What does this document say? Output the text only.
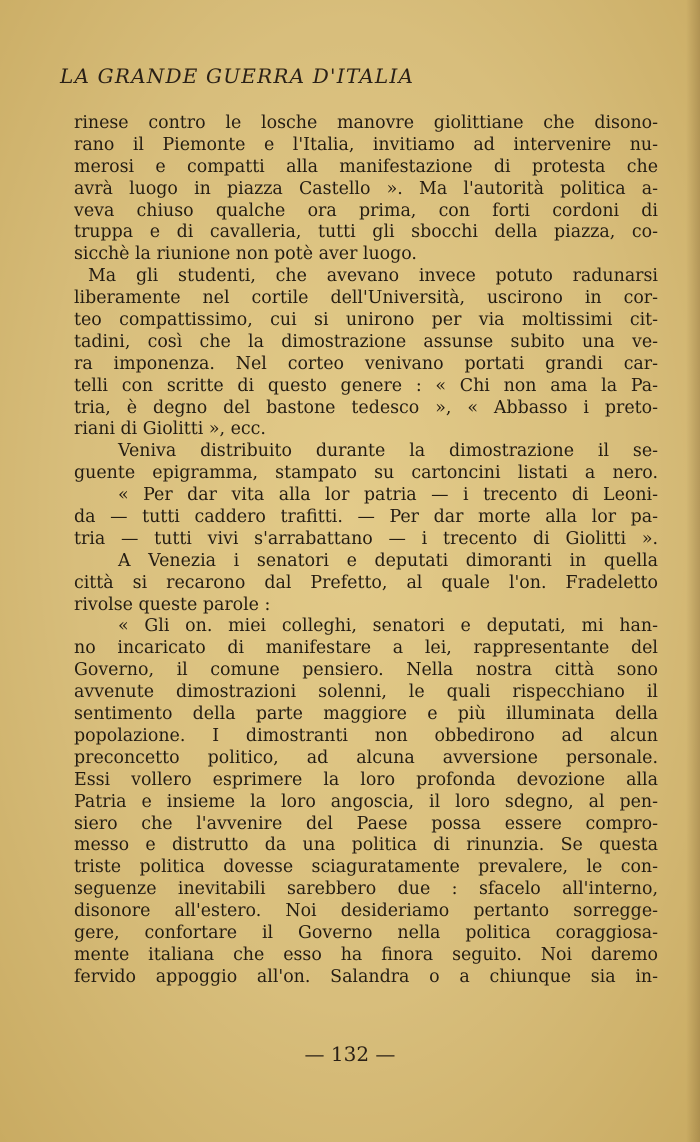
LA GRANDE GUERRA D'ITALIA
rinese contro le losche manovre giolittiane che disono-
rano il Piemonte e l'Italia, invitiamo ad intervenire nu-
merosi e compatti alla manifestazione di protesta che
avrà luogo in piazza Castello ». Ma l'autorità politica a-
veva chiuso qualche ora prima, con forti cordoni di
truppa e di cavalleria, tutti gli sbocchi della piazza, co-
sicchè la riunione non potè aver luogo.
Ma gli studenti, che avevano invece potuto radunarsi
liberamente nel cortile dell'Università, uscirono in cor-
teo compattissimo, cui si unirono per via moltissimi cit-
tadini, così che la dimostrazione assunse subito una ve-
ra imponenza. Nel corteo venivano portati grandi car-
telli con scritte di questo genere : « Chi non ama la Pa-
tria, è degno del bastone tedesco », « Abbasso i preto-
riani di Giolitti », ecc.
Veniva distribuito durante la dimostrazione il se-
guente epigramma, stampato su cartoncini listati a nero.
« Per dar vita alla lor patria — i trecento di Leoni-
da — tutti caddero trafitti. — Per dar morte alla lor pa-
tria — tutti vivi s'arrabattano — i trecento di Giolitti ».
A Venezia i senatori e deputati dimoranti in quella
città si recarono dal Prefetto, al quale l'on. Fradeletto
rivolse queste parole :
« Gli on. miei colleghi, senatori e deputati, mi han-
no incaricato di manifestare a lei, rappresentante del
Governo, il comune pensiero. Nella nostra città sono
avvenute dimostrazioni solenni, le quali rispecchiano il
sentimento della parte maggiore e più illuminata della
popolazione. I dimostranti non obbedirono ad alcun
preconcetto politico, ad alcuna avversione personale.
Essi vollero esprimere la loro profonda devozione alla
Patria e insieme la loro angoscia, il loro sdegno, al pen-
siero che l'avvenire del Paese possa essere compro-
messo e distrutto da una politica di rinunzia. Se questa
triste politica dovesse sciaguratamente prevalere, le con-
seguenze inevitabili sarebbero due : sfacelo all'interno,
disonore all'estero. Noi desideriamo pertanto sorregge-
gere, confortare il Governo nella politica coraggiosa-
mente italiana che esso ha finora seguito. Noi daremo
fervido appoggio all'on. Salandra o a chiunque sia in-
— 132 —
